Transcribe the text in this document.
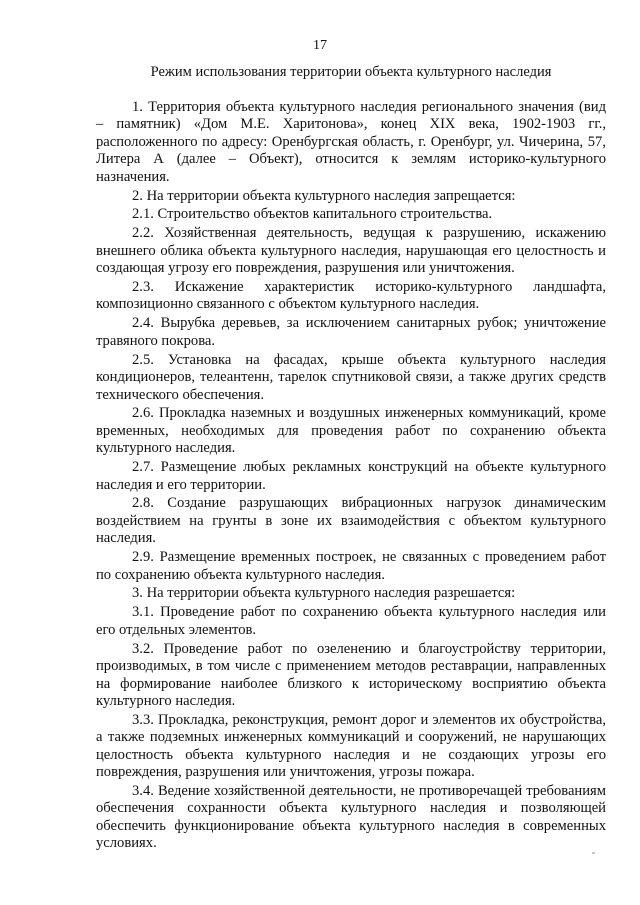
17
Режим использования территории объекта культурного наследия

1. Территория объекта культурного наследия регионального значения (вид – памятник) «Дом М.Е. Харитонова», конец XIX века, 1902-1903 гг., расположенного по адресу: Оренбургская область, г. Оренбург, ул. Чичерина, 57, Литера А (далее – Объект), относится к землям историко-культурного назначения.

2. На территории объекта культурного наследия запрещается:

2.1. Строительство объектов капитального строительства.

2.2. Хозяйственная деятельность, ведущая к разрушению, искажению внешнего облика объекта культурного наследия, нарушающая его целостность и создающая угрозу его повреждения, разрушения или уничтожения.

2.3. Искажение характеристик историко-культурного ландшафта, композиционно связанного с объектом культурного наследия.

2.4. Вырубка деревьев, за исключением санитарных рубок; уничтожение травяного покрова.

2.5. Установка на фасадах, крыше объекта культурного наследия кондиционеров, телеантенн, тарелок спутниковой связи, а также других средств технического обеспечения.

2.6. Прокладка наземных и воздушных инженерных коммуникаций, кроме временных, необходимых для проведения работ по сохранению объекта культурного наследия.

2.7. Размещение любых рекламных конструкций на объекте культурного наследия и его территории.

2.8. Создание разрушающих вибрационных нагрузок динамическим воздействием на грунты в зоне их взаимодействия с объектом культурного наследия.

2.9. Размещение временных построек, не связанных с проведением работ по сохранению объекта культурного наследия.

3. На территории объекта культурного наследия разрешается:

3.1. Проведение работ по сохранению объекта культурного наследия или его отдельных элементов.

3.2. Проведение работ по озеленению и благоустройству территории, производимых, в том числе с применением методов реставрации, направленных на формирование наиболее близкого к историческому восприятию объекта культурного наследия.

3.3. Прокладка, реконструкция, ремонт дорог и элементов их обустройства, а также подземных инженерных коммуникаций и сооружений, не нарушающих целостность объекта культурного наследия и не создающих угрозы его повреждения, разрушения или уничтожения, угрозы пожара.

3.4. Ведение хозяйственной деятельности, не противоречащей требованиям обеспечения сохранности объекта культурного наследия и позволяющей обеспечить функционирование объекта культурного наследия в современных условиях.
